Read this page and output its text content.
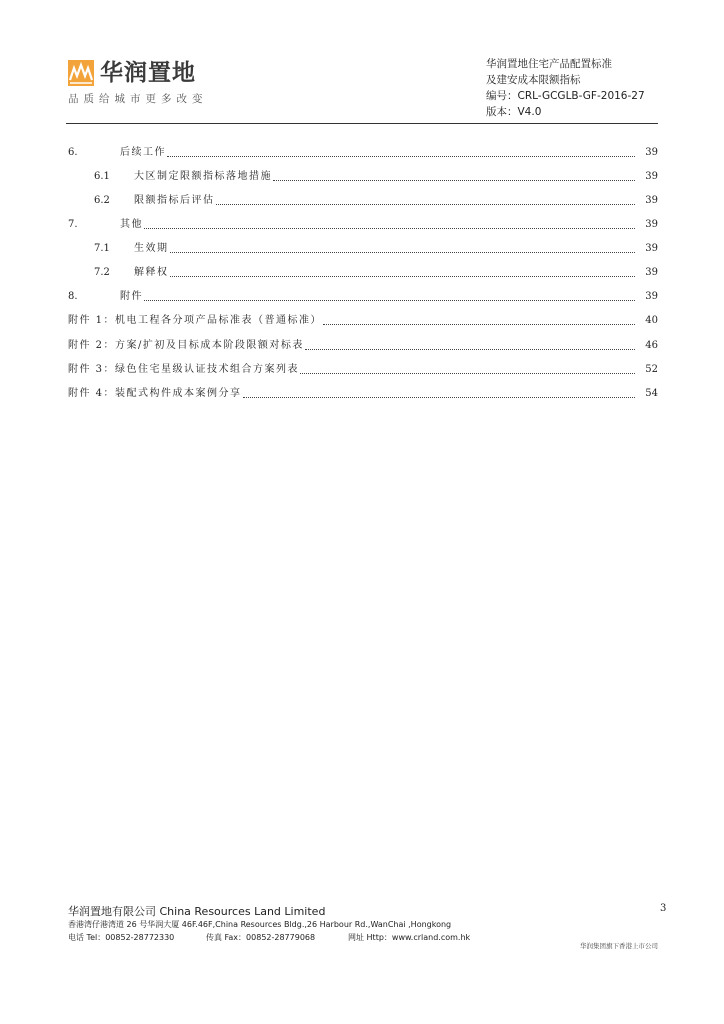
华润置地
品质给城市更多改变
华润置地住宅产品配置标准
及建安成本限额指标
编号：CRL-GCGLB-GF-2016-27
版本：V4.0
6.	后续工作	39
6.1 大区制定限额指标落地措施	39
6.2 限额指标后评估	39
7.	其他	39
7.1 生效期	39
7.2 解释权	39
8.	附件	39
附件 1：机电工程各分项产品标准表（普通标准）	40
附件 2：方案/扩初及目标成本阶段限额对标表	46
附件 3：绿色住宅星级认证技术组合方案列表	52
附件 4：装配式构件成本案例分享	54
华润置地有限公司 China Resources Land Limited	3
香港湾仔港湾道 26 号华润大厦 46F.46F,China Resources Bldg.,26 Harbour Rd.,WanChai ,Hongkong
电话 Tel：00852-28772330	传真 Fax：00852-28779068	网址 Http：www.crland.com.hk
华润集团旗下香港上市公司
